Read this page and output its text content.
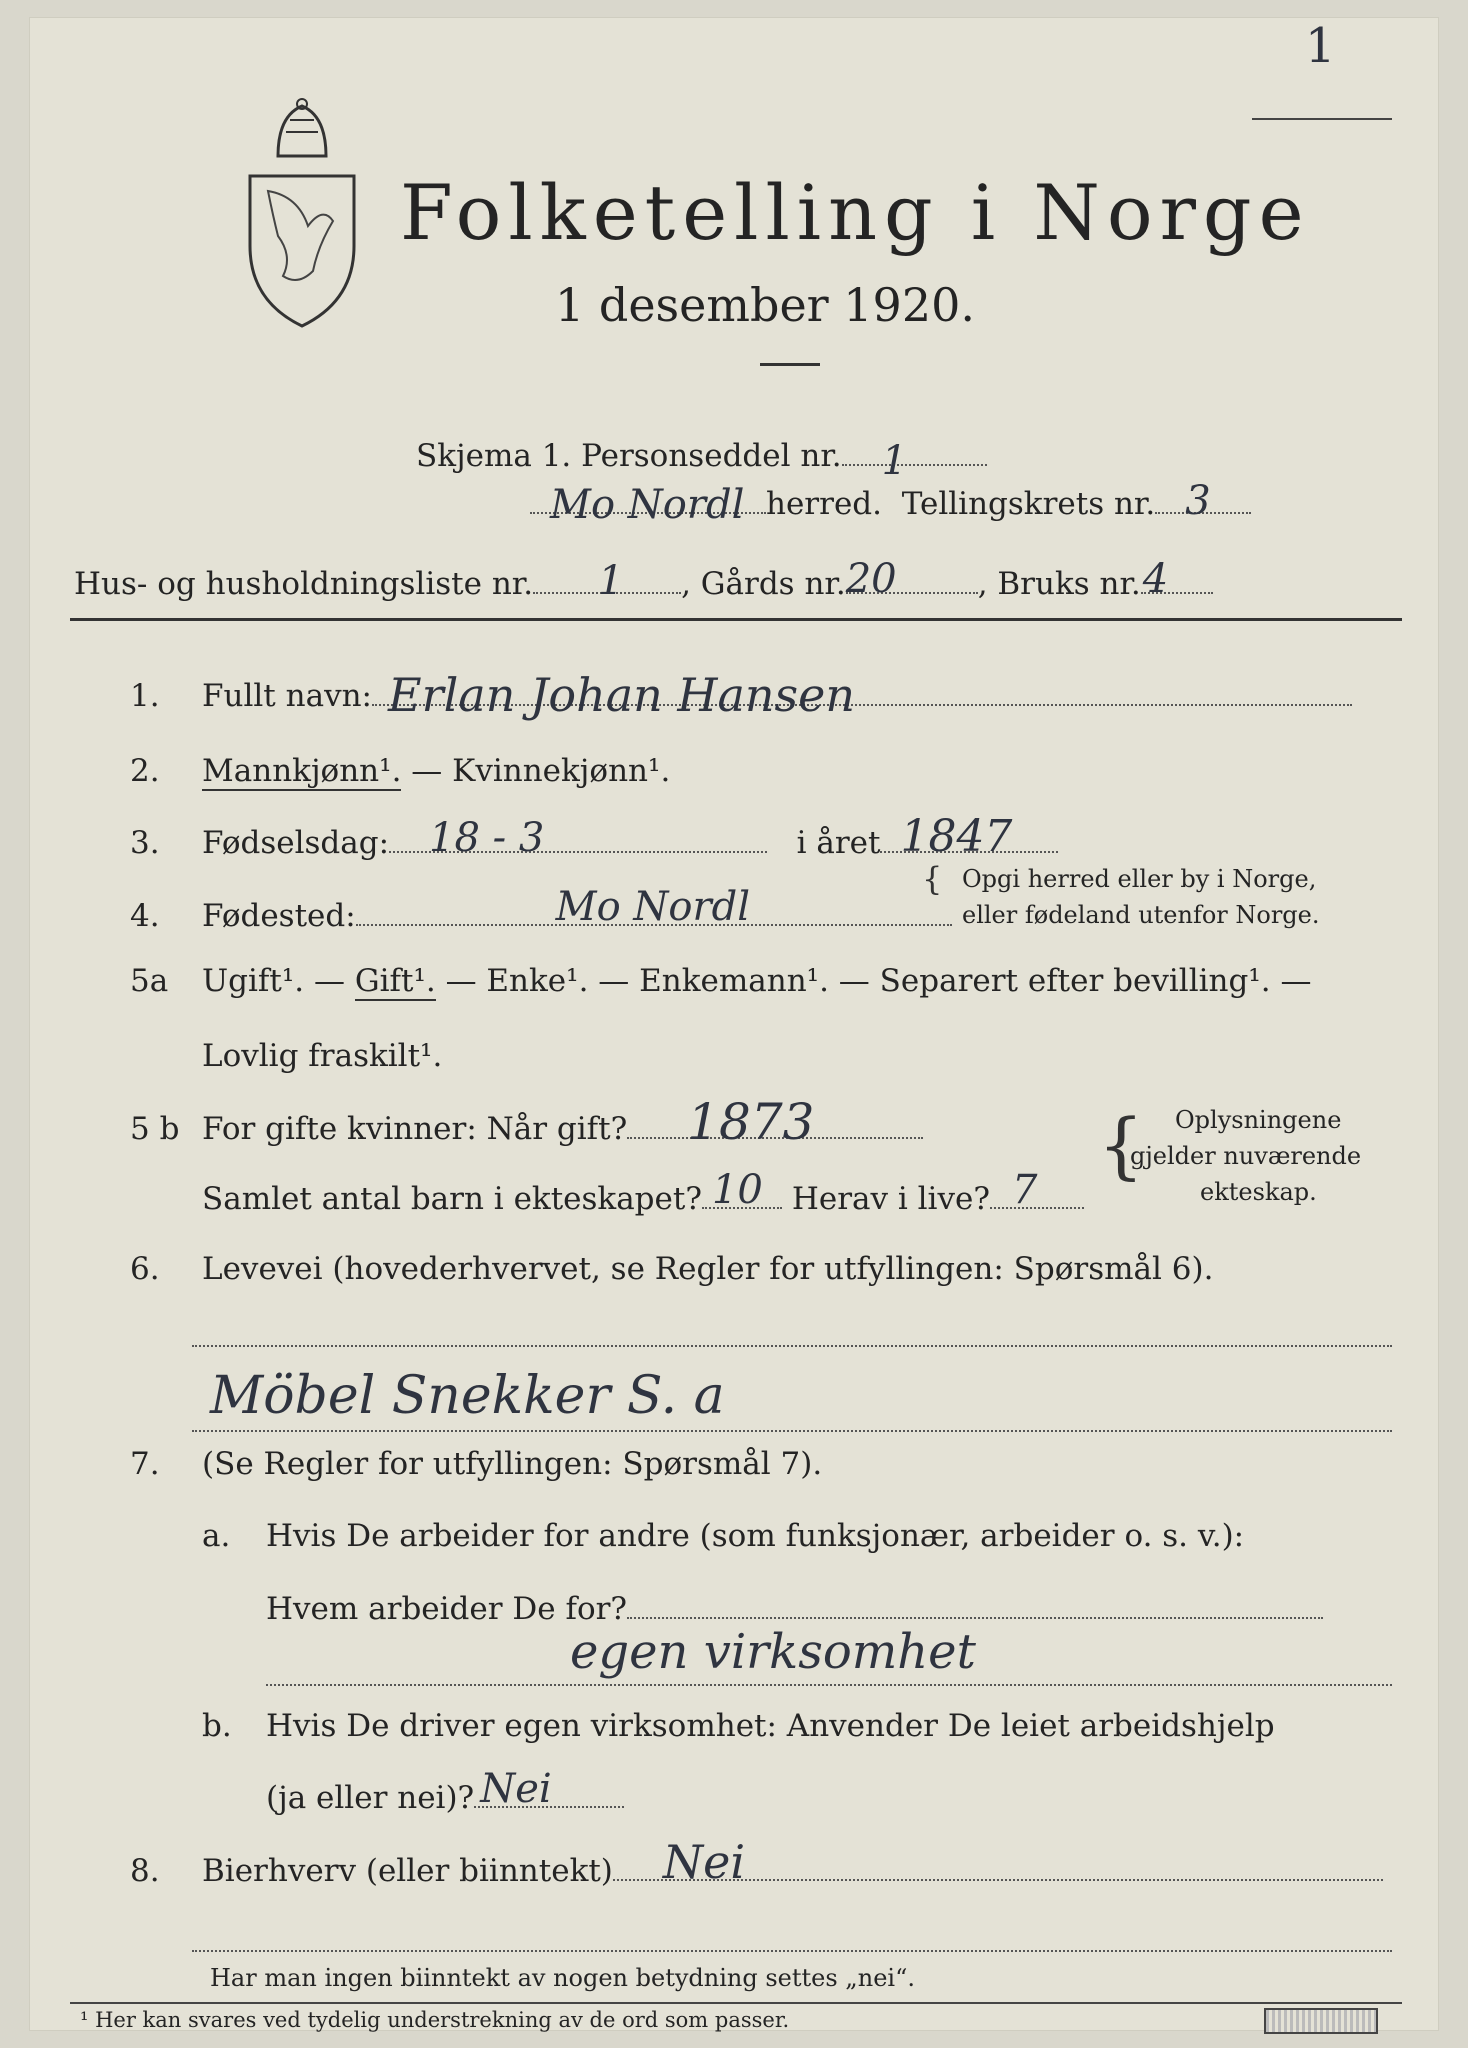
Folketelling i Norge
1 desember 1920.
1
Skjema 1. Personseddel nr. 1
Mo Nordl herred. Tellingskrets nr. 3
Hus- og husholdningsliste nr. 1 , Gårds nr. 20	, Bruks nr. 4
1. Fullt navn: Erlan Johan Hansen
2. Mannkjønn¹. — Kvinnekjønn¹.
3. Fødselsdag: 18 - 3	i året 1847
4. Fødested:	Mo Nordl
{ Opgi herred eller by i Norge,
eller fødeland utenfor Norge.
5a Ugift¹. — Gift¹. — Enke¹. — Enkemann¹. — Separert efter bevilling¹. —
Lovlig fraskilt¹.
5 b For gifte kvinner: Når gift? 1873
Samlet antal barn i ekteskapet? 10 Herav i live? 7
{ Oplysningene
gjelder nuværende
ekteskap.
6. Levevei (hovederhvervet, se Regler for utfyllingen: Spørsmål 6).
Möbel Snekker S. a
7. (Se Regler for utfyllingen: Spørsmål 7).
a. Hvis De arbeider for andre (som funksjonær, arbeider o. s. v.):
Hvem arbeider De for?
egen virksomhet
b. Hvis De driver egen virksomhet: Anvender De leiet arbeidshjelp
(ja eller nei)? Nei
8. Bierhverv (eller biinntekt) Nei
Har man ingen biinntekt av nogen betydning settes „nei“.
¹ Her kan svares ved tydelig understrekning av de ord som passer.
